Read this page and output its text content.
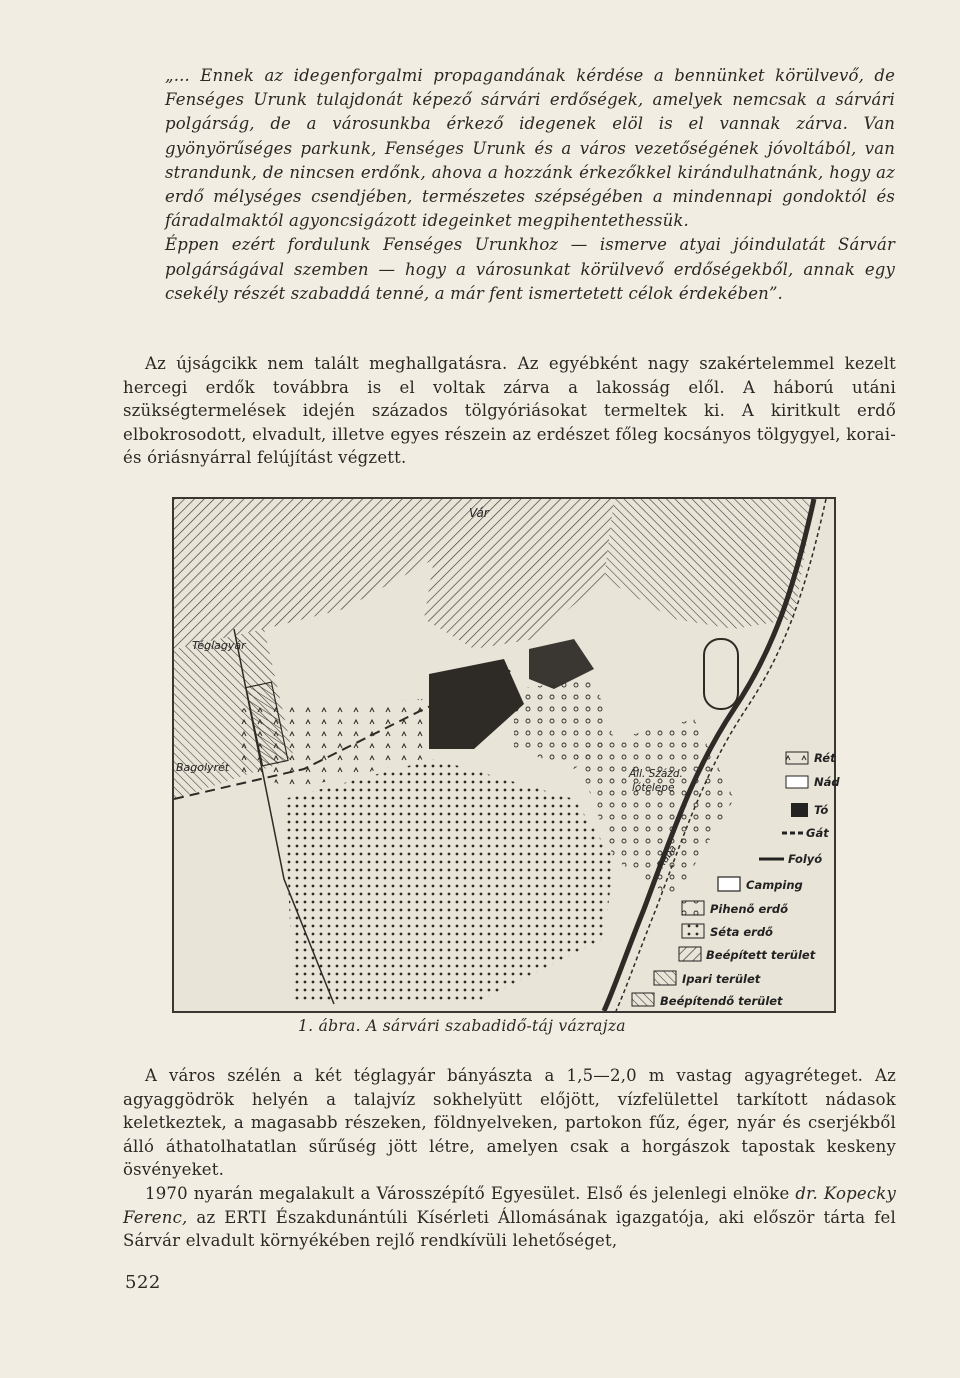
„... Ennek az idegenforgalmi propagandának kérdése a bennünket körülvevő, de Fenséges Urunk tulajdonát képező sárvári erdőségek, amelyek nemcsak a sárvári polgárság, de a városunkba érkező idegenek elöl is el vannak zárva. Van gyönyörűséges parkunk, Fenséges Urunk és a város vezetőségének jóvoltából, van strandunk, de nincsen erdőnk, ahova a hozzánk érkezőkkel kirándulhatnánk, hogy az erdő mélységes csendjében, természetes szépségében a mindennapi gondoktól és fáradalmaktól agyoncsigázott idegeinket megpihentethessük.

Éppen ezért fordulunk Fenséges Urunkhoz — ismerve atyai jóindulatát Sárvár polgárságával szemben — hogy a városunkat körülvevő erdőségekből, annak egy csekély részét szabaddá tenné, a már fent ismertetett célok érdekében”.

Az újságcikk nem talált meghallgatásra. Az egyébként nagy szakértelemmel kezelt hercegi erdők továbbra is el voltak zárva a lakosság elől. A háború utáni szükségtermelések idején százados tölgyóriásokat termeltek ki. A kiritkult erdő elbokrosodott, elvadult, illetve egyes részein az erdészet főleg kocsányos tölgygyel, korai- és óriásnyárral felújítást végzett.

Vár
Téglagyár
Bagolyrét	Áll. Százd.
lótelepe
Rába
Rét
Nád
Tó
Gát
Folyó
Camping
Pihenő erdő
Séta erdő
Beépített terület
Ipari terület
Beépítendő terület
1. ábra. A sárvári szabadidő-táj vázrajza

A város szélén a két téglagyár bányászta a 1,5—2,0 m vastag agyagréteget. Az agyaggödrök helyén a talajvíz sokhelyütt előjött, vízfelülettel tarkított nádasok keletkeztek, a magasabb részeken, földnyelveken, partokon fűz, éger, nyár és cserjékből álló áthatolhatatlan sűrűség jött létre, amelyen csak a horgászok tapostak keskeny ösvényeket.

1970 nyarán megalakult a Városszépítő Egyesület. Első és jelenlegi elnöke dr. Kopecky Ferenc, az ERTI Északdunántúli Kísérleti Állomásának igazgatója, aki először tárta fel Sárvár elvadult környékében rejlő rendkívüli lehetőséget,

522
